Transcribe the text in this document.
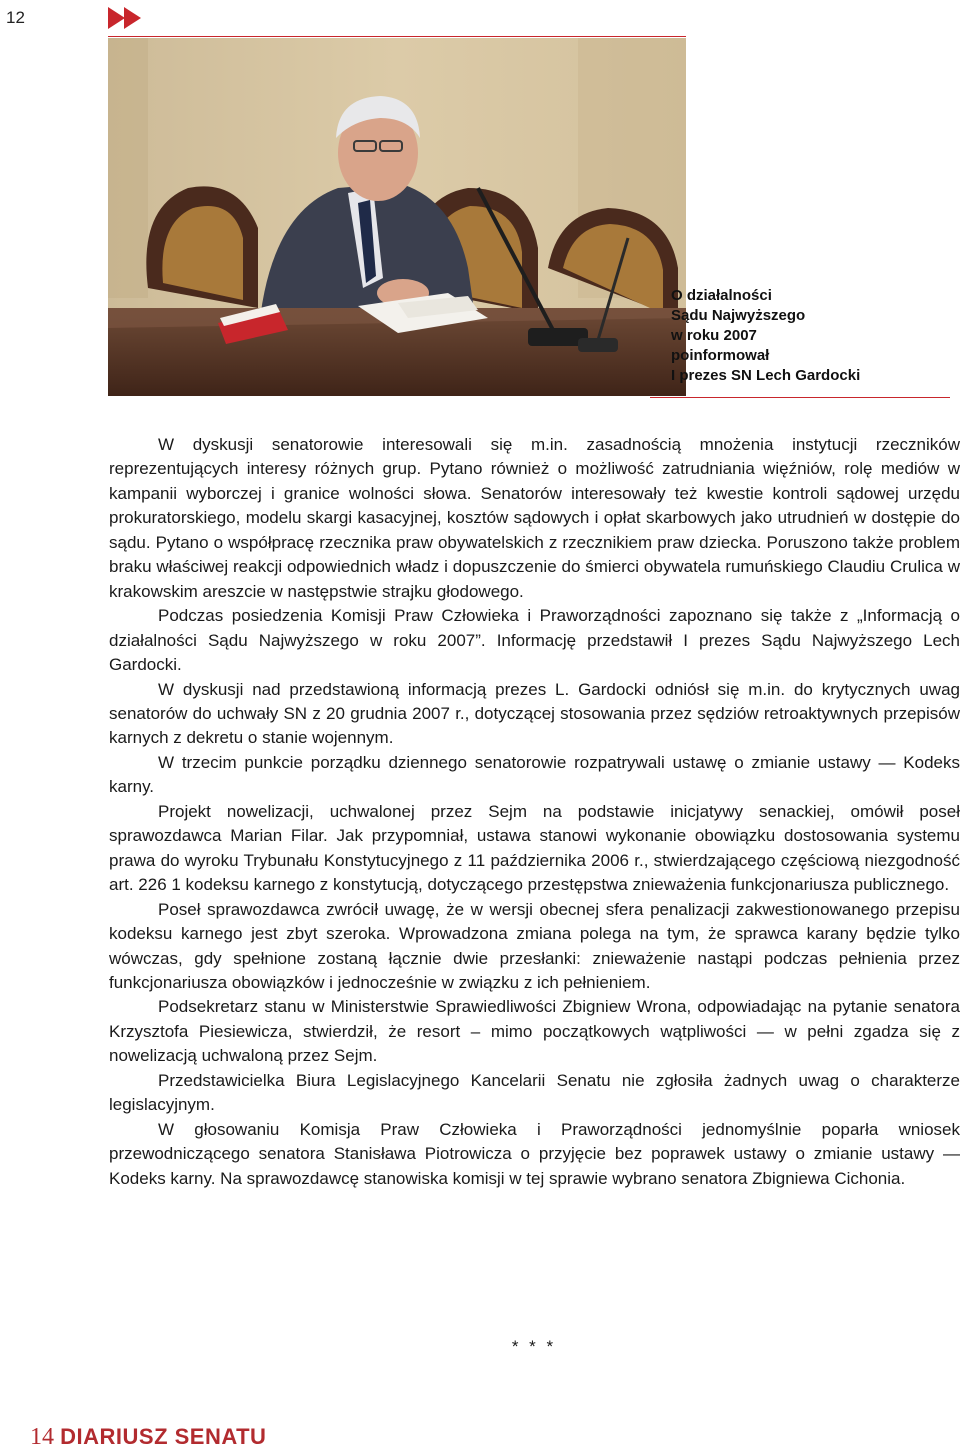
12
O działalności
Sądu Najwyższego
w roku 2007
poinformował
I prezes SN Lech Gardocki

W dyskusji senatorowie interesowali się m.in. zasadnością mnożenia instytucji rzeczników reprezentujących interesy różnych grup. Pytano również o możliwość zatrudniania więźniów, rolę mediów w kampanii wyborczej i granice wolności słowa. Senatorów interesowały też kwestie kontroli sądowej urzędu prokuratorskiego, modelu skargi kasacyjnej, kosztów sądowych i opłat skarbowych jako utrudnień w dostępie do sądu. Pytano o współpracę rzecznika praw obywatelskich z rzecznikiem praw dziecka. Poruszono także problem braku właściwej reakcji odpowiednich władz i dopuszczenie do śmierci obywatela rumuńskiego Claudiu Crulica w krakowskim areszcie w następstwie strajku głodowego.

Podczas posiedzenia Komisji Praw Człowieka i Praworządności zapoznano się także z „Informacją o działalności Sądu Najwyższego w roku 2007”. Informację przedstawił I prezes Sądu Najwyższego Lech Gardocki.

W dyskusji nad przedstawioną informacją prezes L. Gardocki odniósł się m.in. do krytycznych uwag senatorów do uchwały SN z 20 grudnia 2007 r., dotyczącej stosowania przez sędziów retroaktywnych przepisów karnych z dekretu o stanie wojennym.

W trzecim punkcie porządku dziennego senatorowie rozpatrywali ustawę o zmianie ustawy — Kodeks karny.

Projekt nowelizacji, uchwalonej przez Sejm na podstawie inicjatywy senackiej, omówił poseł sprawozdawca Marian Filar. Jak przypomniał, ustawa stanowi wykonanie obowiązku dostosowania systemu prawa do wyroku Trybunału Konstytucyjnego z 11 października 2006 r., stwierdzającego częściową niezgodność art. 226 1 kodeksu karnego z konstytucją, dotyczącego przestępstwa znieważenia funkcjonariusza publicznego.

Poseł sprawozdawca zwrócił uwagę, że w wersji obecnej sfera penalizacji zakwestionowanego przepisu kodeksu karnego jest zbyt szeroka. Wprowadzona zmiana polega na tym, że sprawca karany będzie tylko wówczas, gdy spełnione zostaną łącznie dwie przesłanki: znieważenie nastąpi podczas pełnienia przez funkcjonariusza obowiązków i jednocześnie w związku z ich pełnieniem.

Podsekretarz stanu w Ministerstwie Sprawiedliwości Zbigniew Wrona, odpowiadając na pytanie senatora Krzysztofa Piesiewicza, stwierdził, że resort – mimo początkowych wątpliwości — w pełni zgadza się z nowelizacją uchwaloną przez Sejm.

Przedstawicielka Biura Legislacyjnego Kancelarii Senatu nie zgłosiła żadnych uwag o charakterze legislacyjnym.

W głosowaniu Komisja Praw Człowieka i Praworządności jednomyślnie poparła wniosek przewodniczącego senatora Stanisława Piotrowicza o przyjęcie bez poprawek ustawy o zmianie ustawy — Kodeks karny. Na sprawozdawcę stanowiska komisji w tej sprawie wybrano senatora Zbigniewa Cichonia.

* * *
14 DIARIUSZ SENATU
